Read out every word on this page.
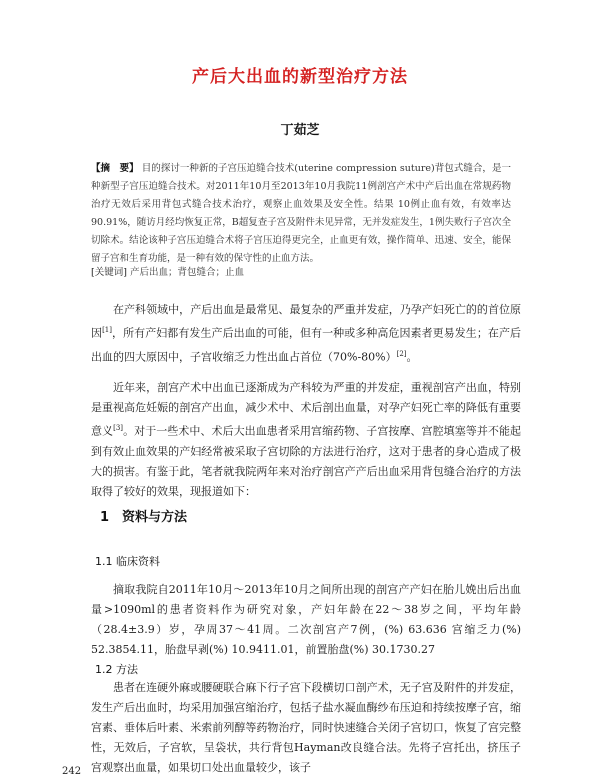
产后大出血的新型治疗方法
丁茹芝
【摘　要】 目的探讨一种新的子宫压迫缝合技术(uterine compression suture)背包式缝合，是一种新型子宫压迫缝合技术。对2011年10月至2013年10月我院11例剖宫产术中产后出血在常规药物治疗无效后采用背包式缝合技术治疗，观察止血效果及安全性。结果 10例止血有效，有效率达90.91%，随访月经均恢复正常，B超复查子宫及附件未见异常，无并发症发生，1例失败行子宫次全切除术。结论该种子宫压迫缝合术将子宫压迫得更完全，止血更有效，操作简单、迅速、安全，能保留子宫和生育功能，是一种有效的保守性的止血方法。
[关键词] 产后出血；背包缝合；止血
在产科领域中，产后出血是最常见、最复杂的严重并发症，乃孕产妇死亡的的首位原因[1]，所有产妇都有发生产后出血的可能，但有一种或多种高危因素者更易发生；在产后出血的四大原因中，子宫收缩乏力性出血占首位（70%-80%）[2]。
近年来，剖宫产术中出血已逐渐成为产科较为严重的并发症，重视剖宫产出血，特别是重视高危妊娠的剖宫产出血，减少术中、术后剖出血量，对孕产妇死亡率的降低有重要意义[3]。对于一些术中、术后大出血患者采用宫缩药物、子宫按摩、宫腔填塞等并不能起到有效止血效果的产妇经常被采取子宫切除的方法进行治疗，这对于患者的身心造成了极大的损害。有鉴于此，笔者就我院两年来对治疗剖宫产产后出血采用背包缝合治疗的方法取得了较好的效果，现报道如下：
1　资料与方法
1.1 临床资料
摘取我院自2011年10月～2013年10月之间所出现的剖宫产产妇在胎儿娩出后出血量>1090ml的患者资料作为研究对象，产妇年龄在22～38岁之间，平均年龄（28.4±3.9）岁，孕周37～41周。二次剖宫产7例，(%) 63.636 宫缩乏力(%) 52.3854.11，胎盘早剥(%) 10.9411.01，前置胎盘(%) 30.1730.27
1.2 方法
患者在连硬外麻或腰硬联合麻下行子宫下段横切口剖产术，无子宫及附件的并发症，发生产后出血时，均采用加强宫缩治疗，包括子盐水凝血酶纱布压迫和持续按摩子宫，缩宫素、垂体后叶素、米索前列醇等药物治疗，同时快速缝合关闭子宫切口，恢复了宫完整性，无效后，子宫软，呈袋状，共行背包Hayman改良缝合法。先将子宫托出，挤压子宫观察出血量，如果切口处出血量较少，该子
242
